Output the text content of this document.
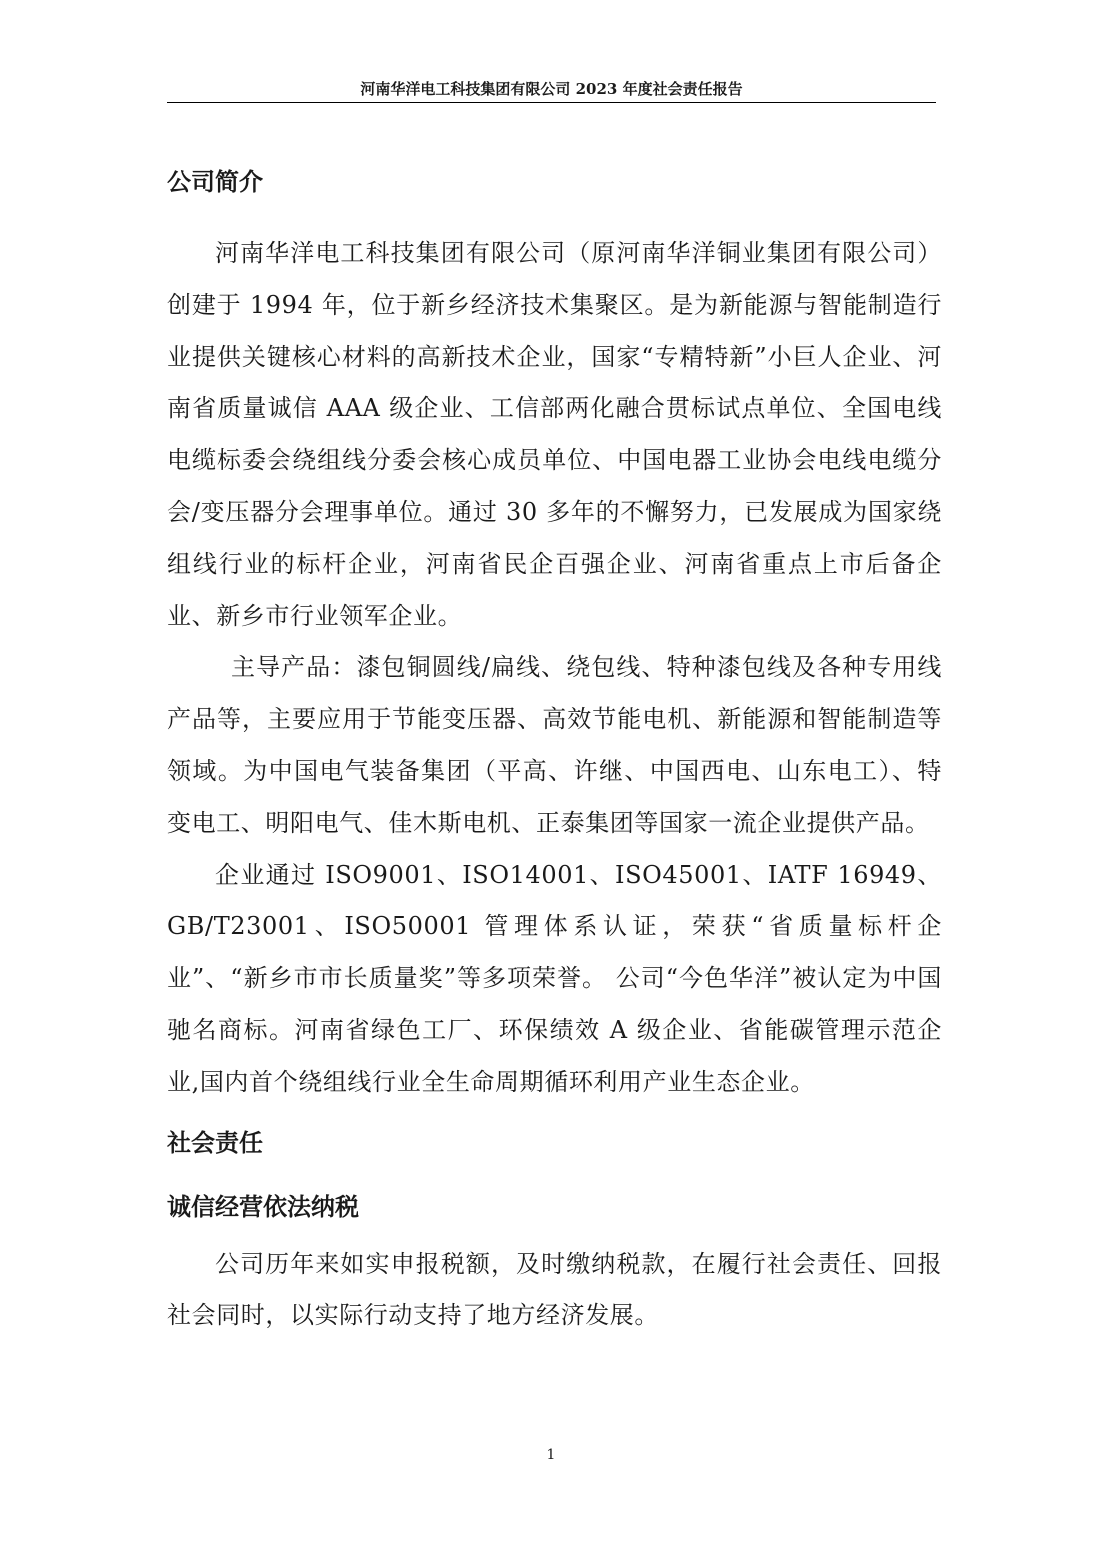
河南华洋电工科技集团有限公司 2023 年度社会责任报告
公司简介

河南华洋电工科技集团有限公司（原河南华洋铜业集团有限公司）创建于 1994 年，位于新乡经济技术集聚区。是为新能源与智能制造行业提供关键核心材料的高新技术企业，国家“专精特新”小巨人企业、河南省质量诚信 AAA 级企业、工信部两化融合贯标试点单位、全国电线电缆标委会绕组线分委会核心成员单位、中国电器工业协会电线电缆分会/变压器分会理事单位。通过 30 多年的不懈努力，已发展成为国家绕组线行业的标杆企业，河南省民企百强企业、河南省重点上市后备企业、新乡市行业领军企业。

主导产品：漆包铜圆线/扁线、绕包线、特种漆包线及各种专用线产品等，主要应用于节能变压器、高效节能电机、新能源和智能制造等领域。为中国电气装备集团（平高、许继、中国西电、山东电工）、特变电工、明阳电气、佳木斯电机、正泰集团等国家一流企业提供产品。

企业通过 ISO9001、ISO14001、ISO45001、IATF 16949、GB/T23001、ISO50001 管理体系认证，荣获“省质量标杆企业”、“新乡市市长质量奖”等多项荣誉。 公司“今色华洋”被认定为中国驰名商标。河南省绿色工厂、环保绩效 A 级企业、省能碳管理示范企业,国内首个绕组线行业全生命周期循环利用产业生态企业。

社会责任
诚信经营依法纳税

公司历年来如实申报税额，及时缴纳税款，在履行社会责任、回报社会同时，以实际行动支持了地方经济发展。

1
